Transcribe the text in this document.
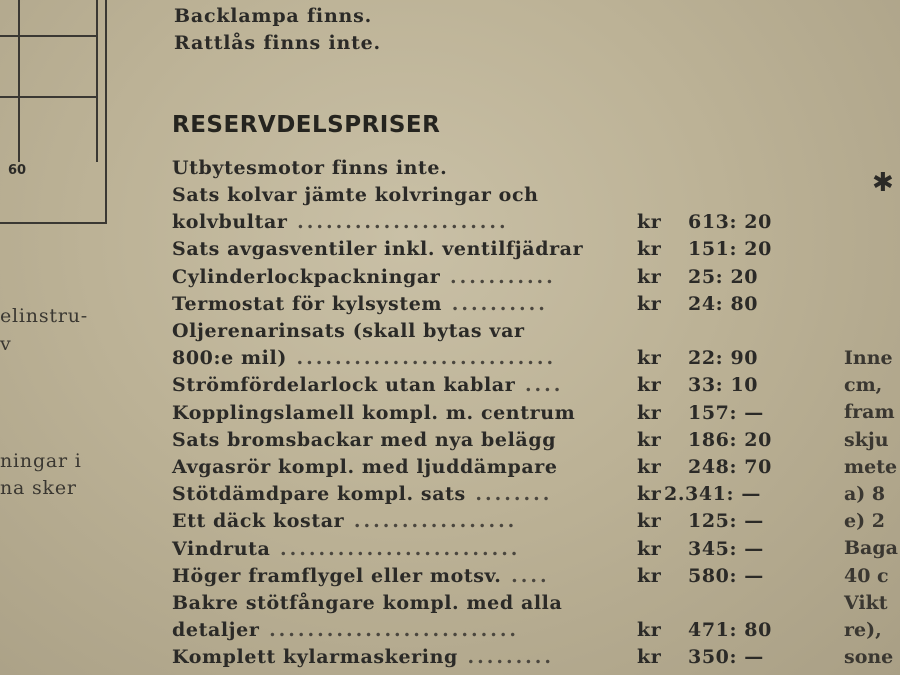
60
elinstru-
v
ningar i
na sker
Backlampa finns.
Rattlås finns inte.
RESERVDELSPRISER
Utbytesmotor finns inte.
Sats kolvar jämte kolvringar och
kolvbultar ......................	kr 613: 20
Sats avgasventiler inkl. ventilfjädrar	kr 151: 20
Cylinderlockpackningar ...........	kr 25: 20
Termostat för kylsystem ..........	kr 24: 80
Oljerenarinsats (skall bytas var
800:e mil) ...........................	kr 22: 90
Strömfördelarlock utan kablar ....	kr 33: 10
Kopplingslamell kompl. m. centrum	kr 157: —
Sats bromsbackar med nya belägg	kr 186: 20
Avgasrör kompl. med ljuddämpare	kr 248: 70
Stötdämdpare kompl. sats ........	kr 2.341: —
Ett däck kostar .................	kr 125: —
Vindruta .........................	kr 345: —
Höger framflygel eller motsv. ....	kr 580: —
Bakre stötfångare kompl. med alla
detaljer ..........................	kr 471: 80
Komplett kylarmaskering .........	kr 350: —
Inne
cm,
fram
skju
mete
a) 8
e) 2
Baga
40 c
Vikt
re),
sone
✱
